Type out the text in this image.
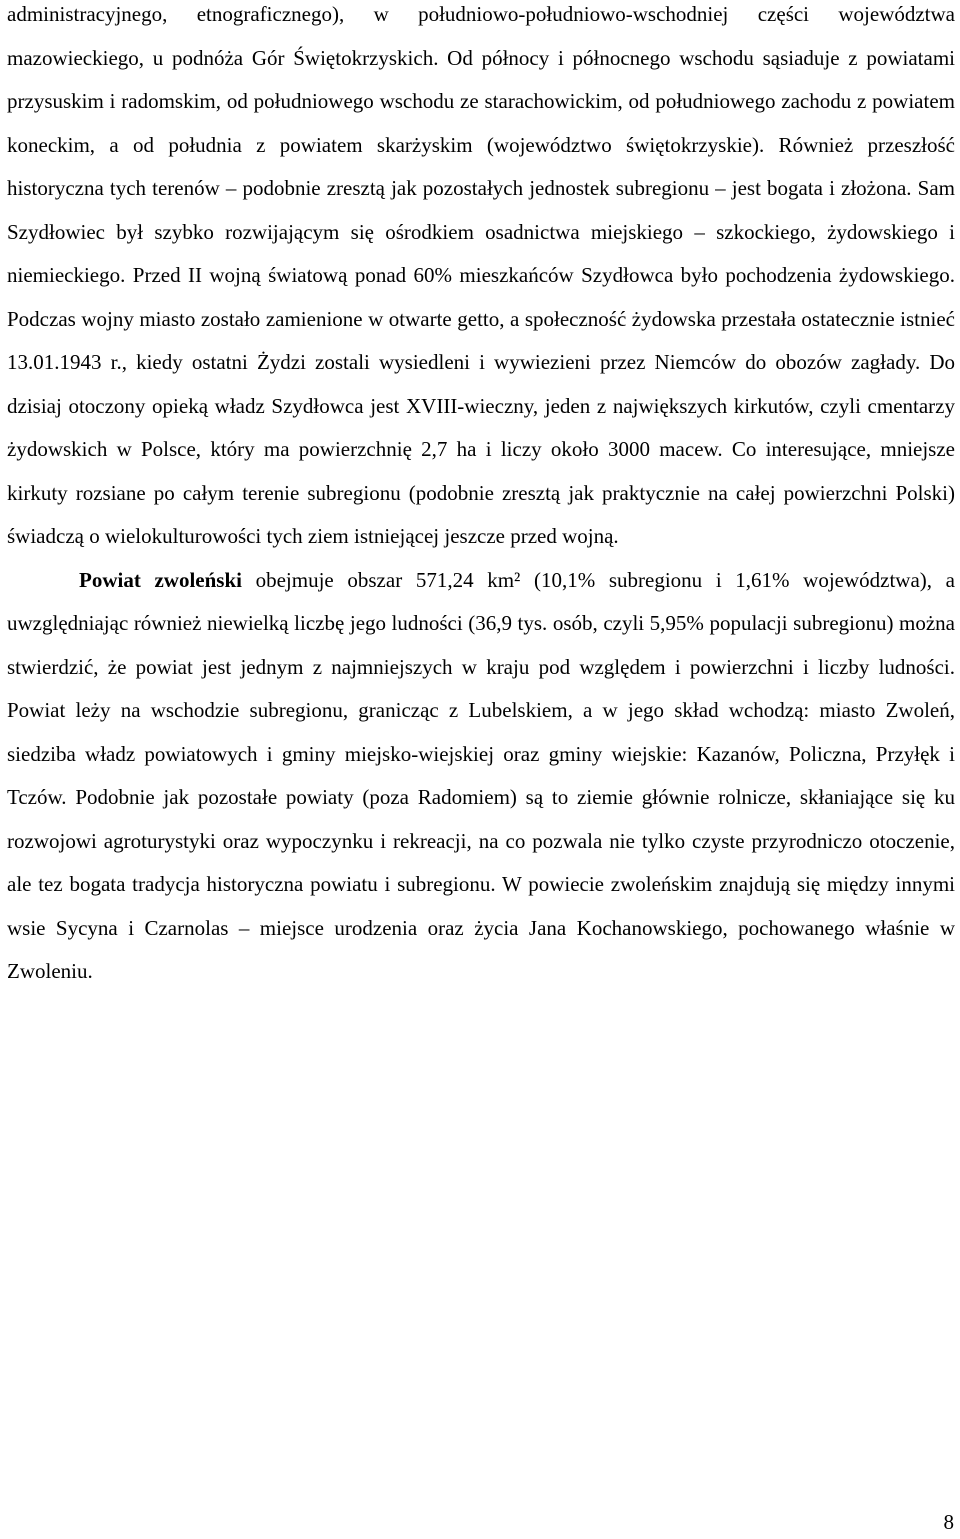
administracyjnego, etnograficznego), w południowo-południowo-wschodniej części województwa mazowieckiego, u podnóża Gór Świętokrzyskich. Od północy i północnego wschodu sąsiaduje z powiatami przysuskim i radomskim, od południowego wschodu ze starachowickim, od południowego zachodu z powiatem koneckim, a od południa z powiatem skarżyskim (województwo świętokrzyskie). Również przeszłość historyczna tych terenów – podobnie zresztą jak pozostałych jednostek subregionu – jest bogata i złożona. Sam Szydłowiec był szybko rozwijającym się ośrodkiem osadnictwa miejskiego – szkockiego, żydowskiego i niemieckiego. Przed II wojną światową ponad 60% mieszkańców Szydłowca było pochodzenia żydowskiego. Podczas wojny miasto zostało zamienione w otwarte getto, a społeczność żydowska przestała ostatecznie istnieć 13.01.1943 r., kiedy ostatni Żydzi zostali wysiedleni i wywiezieni przez Niemców do obozów zagłady. Do dzisiaj otoczony opieką władz Szydłowca jest XVIII-wieczny, jeden z największych kirkutów, czyli cmentarzy żydowskich w Polsce, który ma powierzchnię 2,7 ha i liczy około 3000 macew. Co interesujące, mniejsze kirkuty rozsiane po całym terenie subregionu (podobnie zresztą jak praktycznie na całej powierzchni Polski) świadczą o wielokulturowości tych ziem istniejącej jeszcze przed wojną.

Powiat zwoleński obejmuje obszar 571,24 km² (10,1% subregionu i 1,61% województwa), a uwzględniając również niewielką liczbę jego ludności (36,9 tys. osób, czyli 5,95% populacji subregionu) można stwierdzić, że powiat jest jednym z najmniejszych w kraju pod względem i powierzchni i liczby ludności. Powiat leży na wschodzie subregionu, granicząc z Lubelskiem, a w jego skład wchodzą: miasto Zwoleń, siedziba władz powiatowych i gminy miejsko-wiejskiej oraz gminy wiejskie: Kazanów, Policzna, Przyłęk i Tczów. Podobnie jak pozostałe powiaty (poza Radomiem) są to ziemie głównie rolnicze, skłaniające się ku rozwojowi agroturystyki oraz wypoczynku i rekreacji, na co pozwala nie tylko czyste przyrodniczo otoczenie, ale tez bogata tradycja historyczna powiatu i subregionu. W powiecie zwoleńskim znajdują się między innymi wsie Sycyna i Czarnolas – miejsce urodzenia oraz życia Jana Kochanowskiego, pochowanego właśnie w Zwoleniu.

8
